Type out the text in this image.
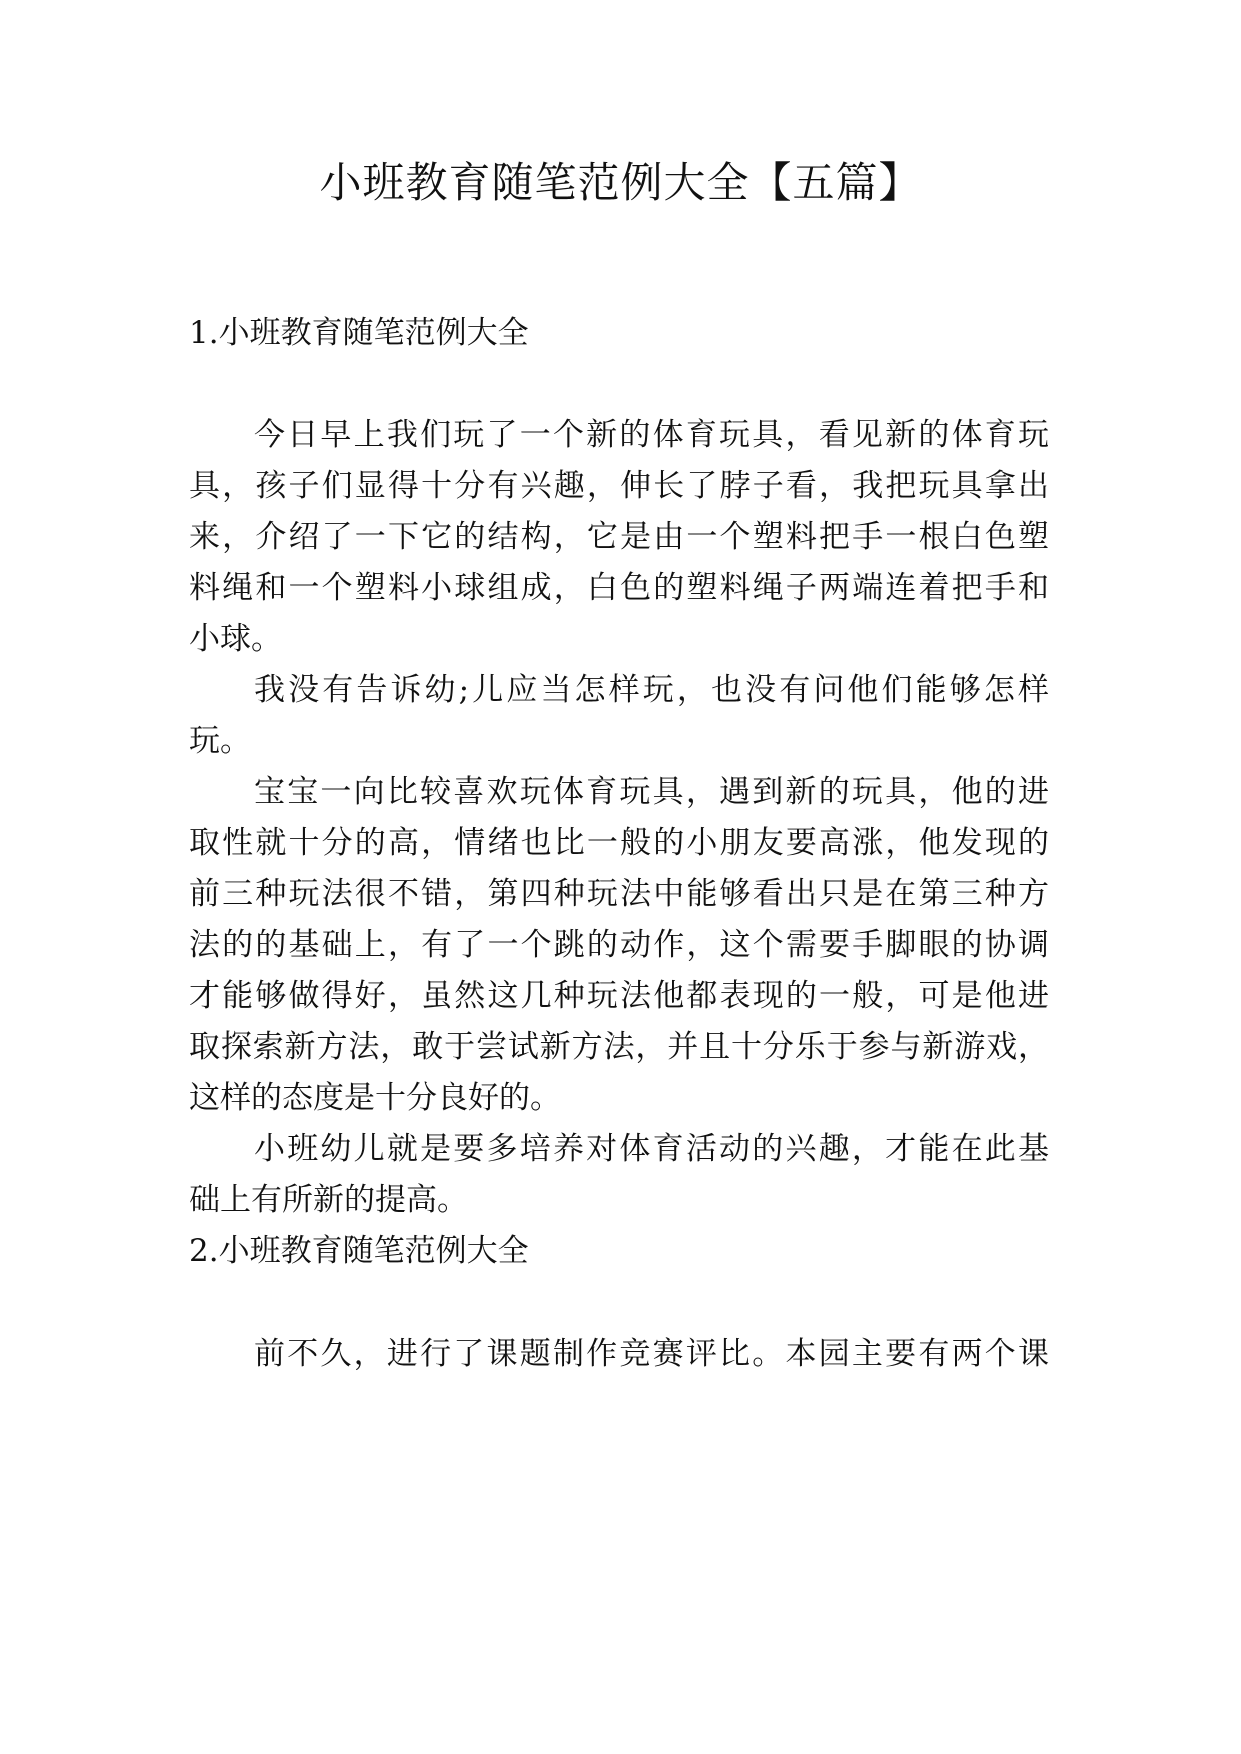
小班教育随笔范例大全【五篇】
1.小班教育随笔范例大全
今日早上我们玩了一个新的体育玩具，看见新的体育玩
具，孩子们显得十分有兴趣，伸长了脖子看，我把玩具拿出
来，介绍了一下它的结构，它是由一个塑料把手一根白色塑
料绳和一个塑料小球组成，白色的塑料绳子两端连着把手和
小球。
我没有告诉幼;儿应当怎样玩，也没有问他们能够怎样
玩。
宝宝一向比较喜欢玩体育玩具，遇到新的玩具，他的进
取性就十分的高，情绪也比一般的小朋友要高涨，他发现的
前三种玩法很不错，第四种玩法中能够看出只是在第三种方
法的的基础上，有了一个跳的动作，这个需要手脚眼的协调
才能够做得好，虽然这几种玩法他都表现的一般，可是他进
取探索新方法，敢于尝试新方法，并且十分乐于参与新游戏，
这样的态度是十分良好的。
小班幼儿就是要多培养对体育活动的兴趣，才能在此基
础上有所新的提高。
2.小班教育随笔范例大全
前不久，进行了课题制作竞赛评比。本园主要有两个课
